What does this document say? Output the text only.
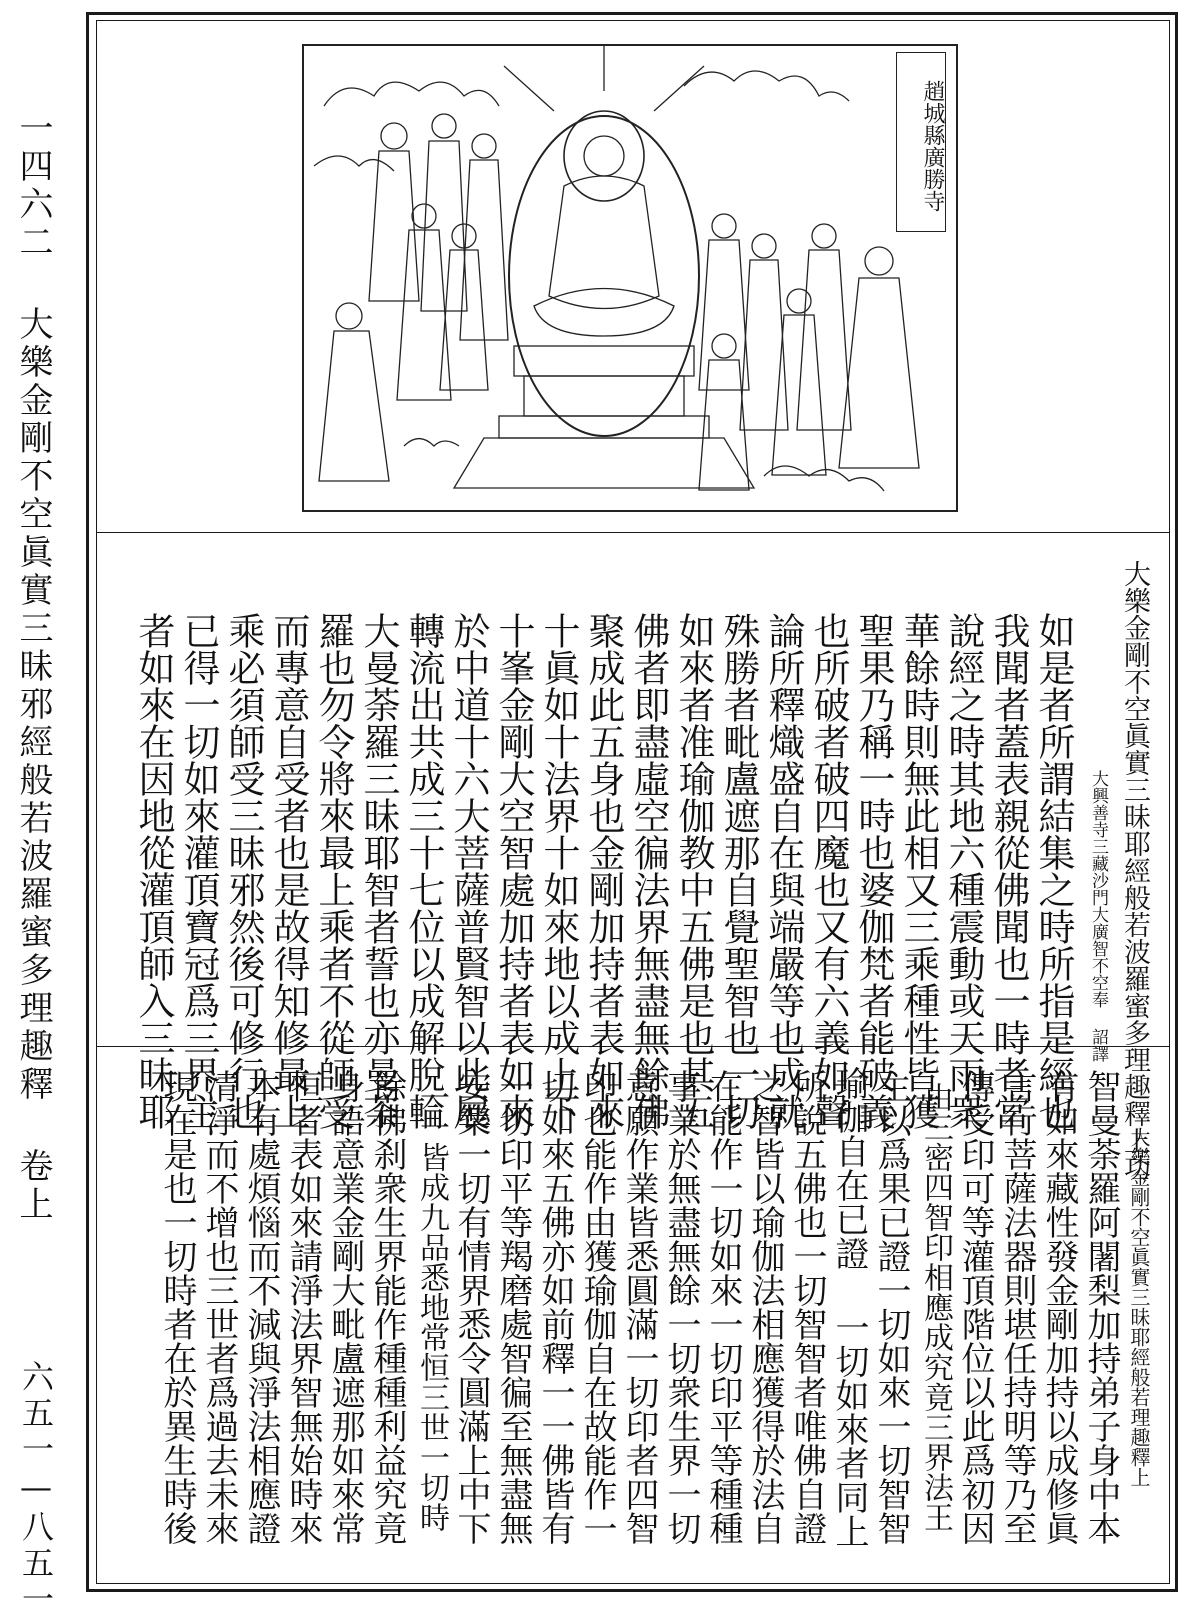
一四六二 大樂金剛不空眞實三昧邪經般若波羅蜜多理趣釋 卷上
六五一—八五一
趙城縣廣勝寺
大樂金剛不空眞實三昧耶經般若波羅蜜多理趣釋上功
大興善寺三藏沙門大廣智不空奉 詔譯
如是者所謂結集之時所指是經也
我聞者蓋表親從佛聞也一時者當
說經之時其地六種震動或天雨衆
華餘時則無此相又三乘種性皆獲
聖果乃稱一時也婆伽梵者能破義
也所破者破四魔也又有六義如聲
論所釋熾盛自在與端嚴等也成就
殊勝者毗盧遮那自覺聖智也一切
如來者准瑜伽教中五佛是也其五
佛者即盡虛空徧法界無盡無餘佛
聚成此五身也金剛加持者表如來
十眞如十法界十如來地以成上下
十峯金剛大空智處加持者表如來
於中道十六大菩薩普賢智以此展
轉流出共成三十七位以成解脫輪
大曼荼羅三昧耶智者誓也亦曼荼
羅也勿令將來最上乘者不從師受
而專意自受者也是故得知修最上
乘必須師受三昧邪然後可修行也
已得一切如來灌頂寶冠爲三界主
者如來在因地從灌頂師入三昧耶
大樂金剛不空眞實三昧耶經般若理趣釋上
智曼荼羅阿闍梨加持弟子身中本
有如來藏性發金剛加持以成修眞
言行菩薩法器則堪任持明等乃至
傳受印可等灌頂階位以此爲初因
由三密四智印相應成究竟三界法王
主以爲果已證一切如來一切智智
瑜伽自在已證 一切如來者同上
所說五佛也一切智智者唯佛自證
之智皆以瑜伽法相應獲得於法自
在能作一切如來一切印平等種種
事業於無盡無餘一切衆生界一切
意願作業皆悉圓滿一切印者四智
印也能作由獲瑜伽自在故能作一
切如來五佛亦如前釋一一佛皆有
一切印平等羯磨處智徧至無盡無
安樂一切有情界悉令圓滿上中下
一一皆成九品悉地常恒三世一切時
餘佛刹衆生界能作種種利益究竟
身語意業金剛大毗盧遮那如來常
恒者表如來請淨法界智無始時來
本有處煩惱而不減與淨法相應證
清淨而不增也三世者爲過去未來
現在是也一切時者在於異生時後
